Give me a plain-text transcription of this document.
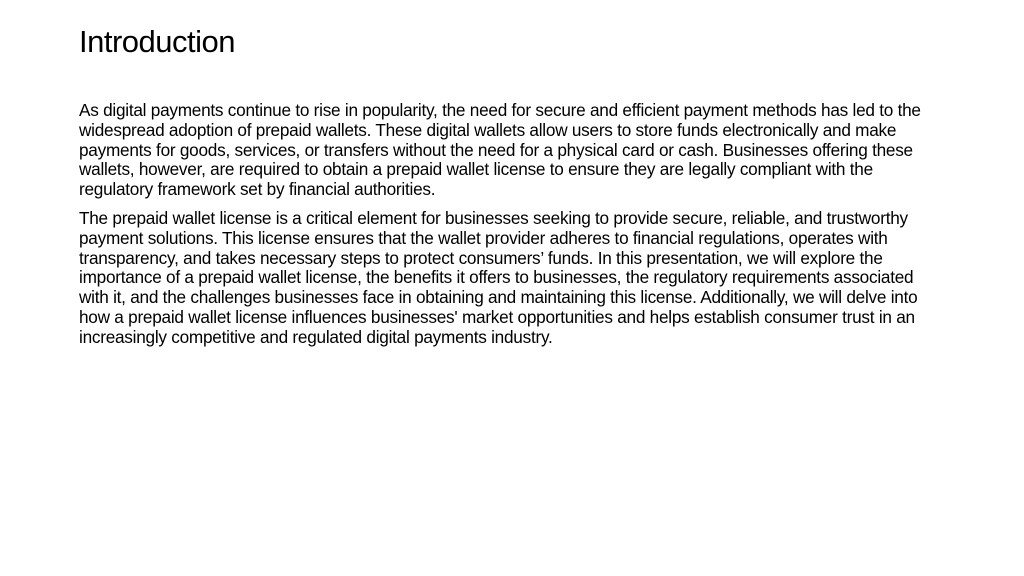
Introduction

As digital payments continue to rise in popularity, the need for secure and efficient payment methods has led to the widespread adoption of prepaid wallets. These digital wallets allow users to store funds electronically and make payments for goods, services, or transfers without the need for a physical card or cash. Businesses offering these wallets, however, are required to obtain a prepaid wallet license to ensure they are legally compliant with the regulatory framework set by financial authorities.

The prepaid wallet license is a critical element for businesses seeking to provide secure, reliable, and trustworthy payment solutions. This license ensures that the wallet provider adheres to financial regulations, operates with transparency, and takes necessary steps to protect consumers’ funds. In this presentation, we will explore the importance of a prepaid wallet license, the benefits it offers to businesses, the regulatory requirements associated with it, and the challenges businesses face in obtaining and maintaining this license. Additionally, we will delve into how a prepaid wallet license influences businesses' market opportunities and helps establish consumer trust in an increasingly competitive and regulated digital payments industry.
